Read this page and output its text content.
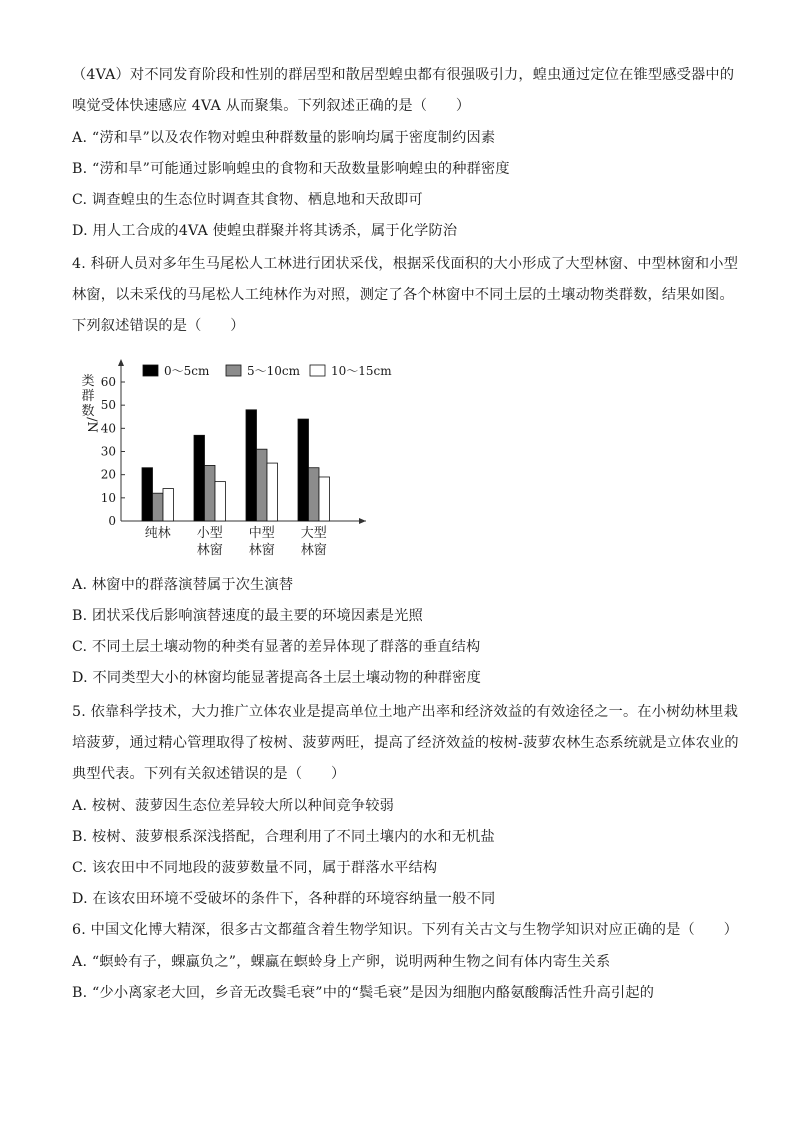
（4VA）对不同发育阶段和性别的群居型和散居型蝗虫都有很强吸引力，蝗虫通过定位在锥型感受器中的
嗅觉受体快速感应 4VA 从而聚集。下列叙述正确的是（　　）
A. “涝和旱”以及农作物对蝗虫种群数量的影响均属于密度制约因素
B. “涝和旱”可能通过影响蝗虫的食物和天敌数量影响蝗虫的种群密度
C. 调查蝗虫的生态位时调查其食物、栖息地和天敌即可
D. 用人工合成的4VA 使蝗虫群聚并将其诱杀，属于化学防治
4. 科研人员对多年生马尾松人工林进行团状采伐，根据采伐面积的大小形成了大型林窗、中型林窗和小型
林窗，以未采伐的马尾松人工纯林作为对照，测定了各个林窗中不同土层的土壤动物类群数，结果如图。
下列叙述错误的是（　　）
0
10
20
30
40
50
60
类
群
数
/N
0～5cm	5～10cm	10～15cm
纯林 小型
林窗
中型
林窗
大型
林窗
A. 林窗中的群落演替属于次生演替
B. 团状采伐后影响演替速度的最主要的环境因素是光照
C. 不同土层土壤动物的种类有显著的差异体现了群落的垂直结构
D. 不同类型大小的林窗均能显著提高各土层土壤动物的种群密度
5. 依靠科学技术，大力推广立体农业是提高单位土地产出率和经济效益的有效途径之一。在小树幼林里栽
培菠萝，通过精心管理取得了桉树、菠萝两旺，提高了经济效益的桉树-菠萝农林生态系统就是立体农业的
典型代表。下列有关叙述错误的是（　　）
A. 桉树、菠萝因生态位差异较大所以种间竞争较弱
B. 桉树、菠萝根系深浅搭配，合理利用了不同土壤内的水和无机盐
C. 该农田中不同地段的菠萝数量不同，属于群落水平结构
D. 在该农田环境不受破坏的条件下，各种群的环境容纳量一般不同
6. 中国文化博大精深，很多古文都蕴含着生物学知识。下列有关古文与生物学知识对应正确的是（　　）
A. “螟蛉有子，蜾蠃负之”，蜾蠃在螟蛉身上产卵，说明两种生物之间有体内寄生关系
B. “少小离家老大回，乡音无改鬓毛衰”中的“鬓毛衰”是因为细胞内酪氨酸酶活性升高引起的
